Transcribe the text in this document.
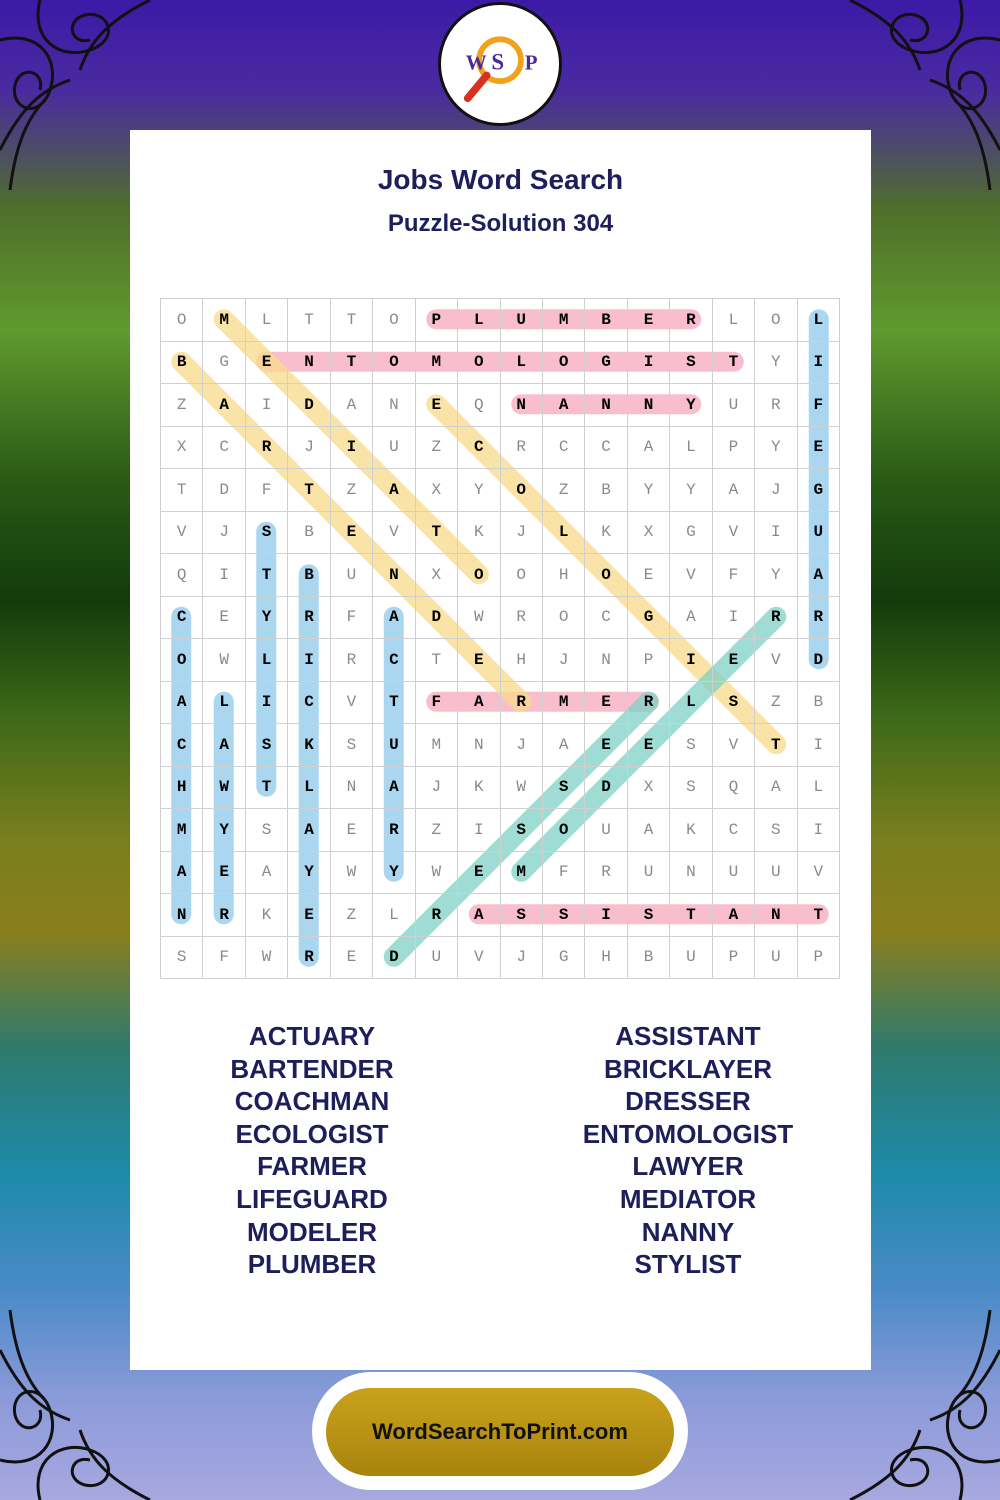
W S P
Jobs Word Search
Puzzle-Solution 304
O	M	L	T	T	O	P	L	U	M	B	E	R	L	O	L
B	G	E	N	T	O	M	O	L	O	G	I	S	T	Y	I
Z	A	I	D	A	N	E	Q	N	A	N	N	Y	U	R	F
X	C	R	J	I	U	Z	C	R	C	C	A	L	P	Y	E
T	D	F	T	Z	A	X	Y	O	Z	B	Y	Y	A	J	G
V	J	S	B	E	V	T	K	J	L	K	X	G	V	I	U
Q	I	T	B	U	N	X	O	O	H	O	E	V	F	Y	A
C	E	Y	R	F	A	D	W	R	O	C	G	A	I	R	R
O	W	L	I	R	C	T	E	H	J	N	P	I	E	V	D
A	L	I	C	V	T	F	A	R	M	E	R	L	S	Z	B
C	A	S	K	S	U	M	N	J	A	E	E	S	V	T	I
H	W	T	L	N	A	J	K	W	S	D	X	S	Q	A	L
M	Y	S	A	E	R	Z	I	S	O	U	A	K	C	S	I
A	E	A	Y	W	Y	W	E	M	F	R	U	N	U	U	V
N	R	K	E	Z	L	R	A	S	S	I	S	T	A	N	T
S	F	W	R	E	D	U	V	J	G	H	B	U	P	U	P
ACTUARY
BARTENDER
COACHMAN
ECOLOGIST
FARMER
LIFEGUARD
MODELER
PLUMBER
ASSISTANT
BRICKLAYER
DRESSER
ENTOMOLOGIST
LAWYER
MEDIATOR
NANNY
STYLIST
WordSearchToPrint.com
